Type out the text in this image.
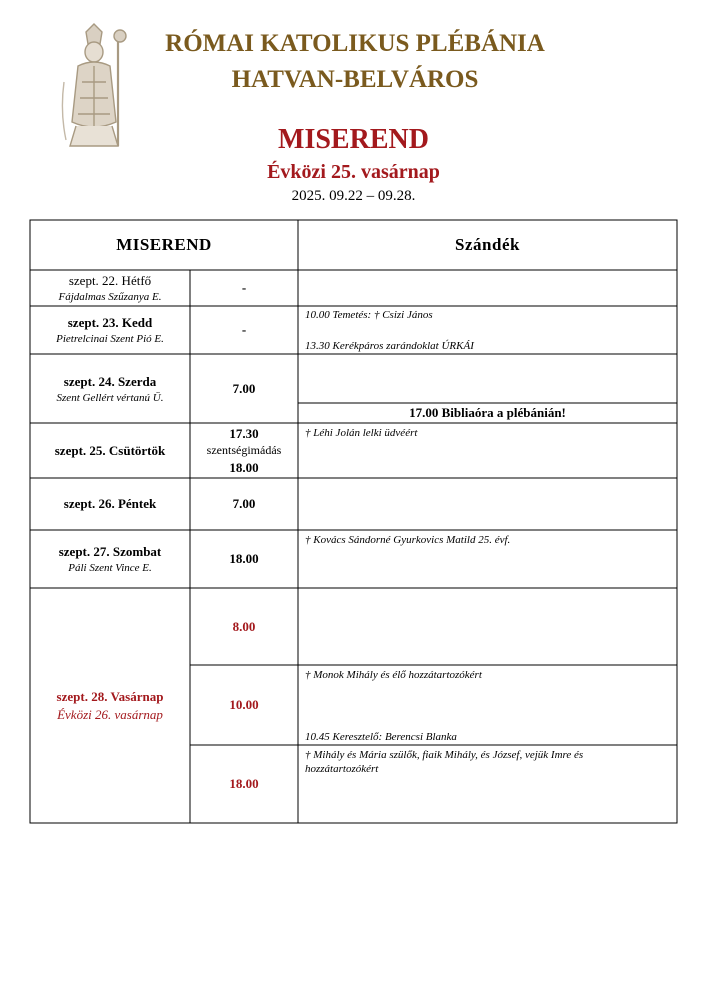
RÓMAI KATOLIKUS PLÉBÁNIA
HATVAN-BELVÁROS
MISEREND
Évközi 25. vasárnap
2025. 09.22 – 09.28.
MISEREND	Szándék
szept. 22. Hétfő
Fájdalmas Szűzanya E.
-
szept. 23. Kedd
Pietrelcinai Szent Pió E.
-
10.00 Temetés: † Csizi János
13.30 Kerékpáros zarándoklat ÚRKÁI
szept. 24. Szerda
Szent Gellért vértanú Ü.
7.00
17.00 Bibliaóra a plébánián!
szept. 25. Csütörtök
17.30
szentségimádás
18.00
† Léhi Jolán lelki üdvéért
szept. 26. Péntek	7.00
szept. 27. Szombat
Páli Szent Vince E.
18.00
† Kovács Sándorné Gyurkovics Matild 25. évf.
szept. 28. Vasárnap
Évközi 26. vasárnap
8.00
10.00
† Monok Mihály és élő hozzátartozókért
10.45 Keresztelő: Berencsi Blanka
18.00
† Mihály és Mária szülők, fiaik Mihály, és József, vejük Imre és hozzátartozókért
